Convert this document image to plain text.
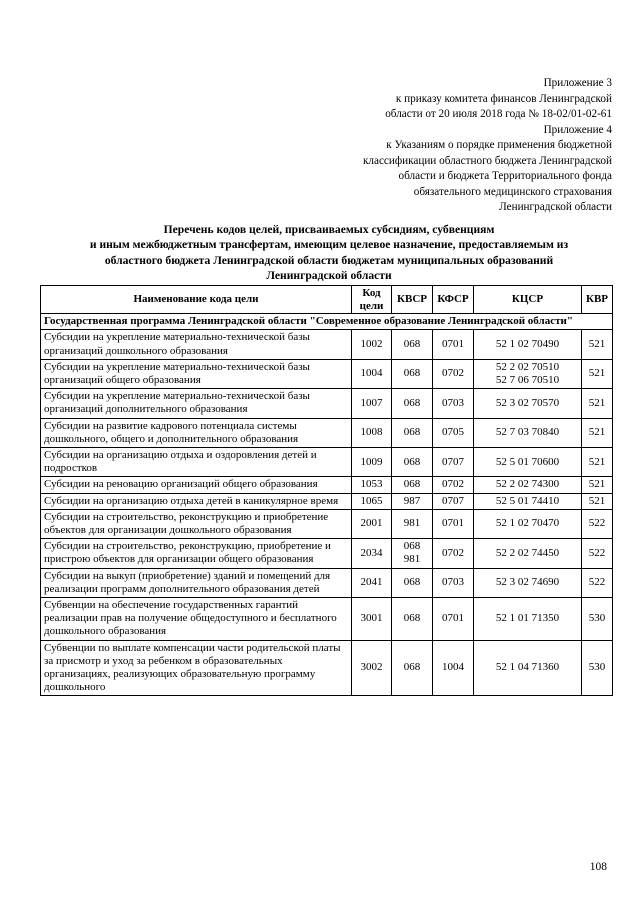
Приложение 3
к приказу комитета финансов Ленинградской
области от 20 июля 2018 года № 18-02/01-02-61
Приложение 4
к Указаниям о порядке применения бюджетной
классификации областного бюджета Ленинградской
области и бюджета Территориального фонда
обязательного медицинского страхования
Ленинградской области
Перечень кодов целей, присваиваемых субсидиям, субвенциям
и иным межбюджетным трансфертам, имеющим целевое назначение, предоставляемым из
областного бюджета Ленинградской области бюджетам муниципальных образований
Ленинградской области
Наименование кода цели	Код
цели	КВСР	КФСР	КЦСР	КВР
Государственная программа Ленинградской области "Современное образование Ленинградской области"					
Субсидии на укрепление материально-технической базы организаций дошкольного образования	1002	068	0701	52 1 02 70490	521
Субсидии на укрепление материально-технической базы организаций общего образования	1004	068	0702	52 2 02 70510
52 7 06 70510	521
Субсидии на укрепление материально-технической базы организаций дополнительного образования	1007	068	0703	52 3 02 70570	521
Субсидии на развитие кадрового потенциала системы дошкольного, общего и дополнительного образования	1008	068	0705	52 7 03 70840	521
Субсидии на организацию отдыха и оздоровления детей и подростков	1009	068	0707	52 5 01 70600	521
Субсидии на реновацию организаций общего образования	1053	068	0702	52 2 02 74300	521
Субсидии на организацию отдыха детей в каникулярное время	1065	987	0707	52 5 01 74410	521
Субсидии на строительство, реконструкцию и приобретение объектов для организации дошкольного образования	2001	981	0701	52 1 02 70470	522
Субсидии на строительство, реконструкцию, приобретение и пристрою объектов для организации общего образования	2034	068
981	0702	52 2 02 74450	522
Субсидии на выкуп (приобретение) зданий и помещений для реализации программ дополнительного образования детей	2041	068	0703	52 3 02 74690	522
Субвенции на обеспечение государственных гарантий реализации прав на получение общедоступного и бесплатного дошкольного образования	3001	068	0701	52 1 01 71350	530
Субвенции по выплате компенсации части родительской платы за присмотр и уход за ребенком в образовательных организациях, реализующих образовательную программу дошкольного	3002	068	1004	52 1 04 71360	530
108
